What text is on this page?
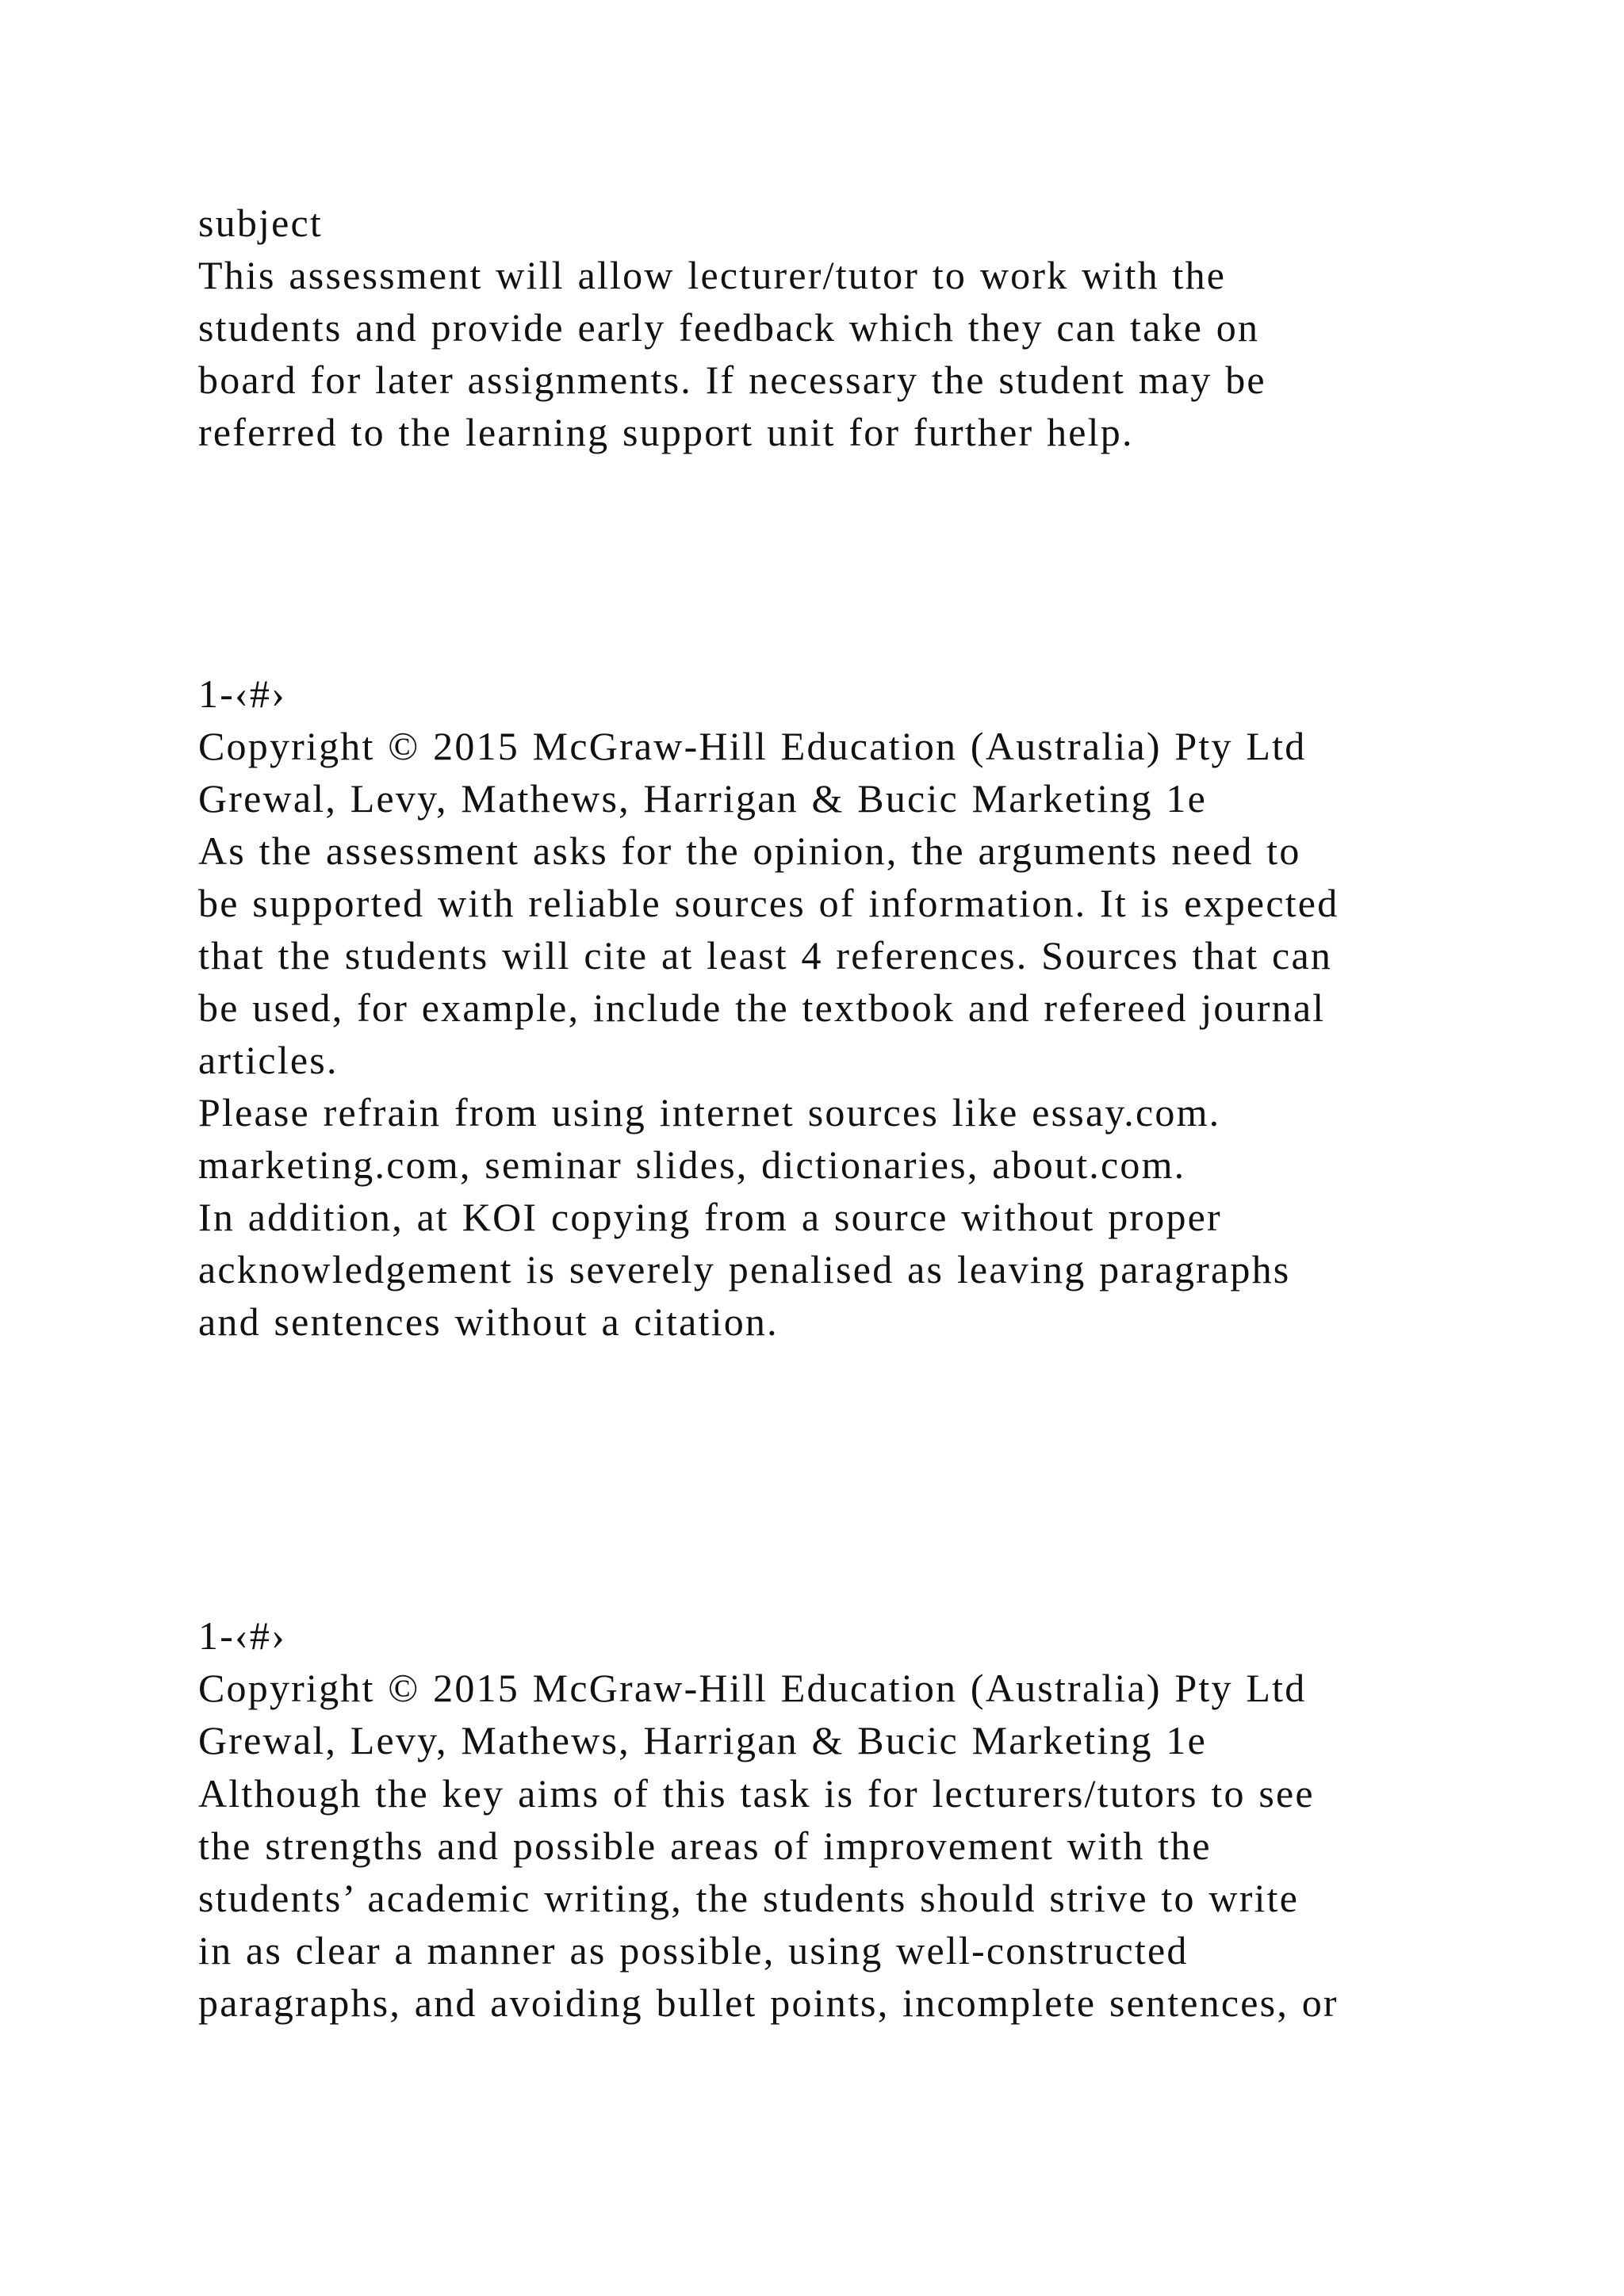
subject
This assessment will allow lecturer/tutor to work with the
students and provide early feedback which they can take on
board for later assignments. If necessary the student may be
referred to the learning support unit for further help.
1-‹#›
Copyright © 2015 McGraw-Hill Education (Australia) Pty Ltd
Grewal, Levy, Mathews, Harrigan & Bucic Marketing 1e
As the assessment asks for the opinion, the arguments need to
be supported with reliable sources of information. It is expected
that the students will cite at least 4 references. Sources that can
be used, for example, include the textbook and refereed journal
articles.
Please refrain from using internet sources like essay.com.
marketing.com, seminar slides, dictionaries, about.com.
In addition, at KOI copying from a source without proper
acknowledgement is severely penalised as leaving paragraphs
and sentences without a citation.
1-‹#›
Copyright © 2015 McGraw-Hill Education (Australia) Pty Ltd
Grewal, Levy, Mathews, Harrigan & Bucic Marketing 1e
Although the key aims of this task is for lecturers/tutors to see
the strengths and possible areas of improvement with the
students’ academic writing, the students should strive to write
in as clear a manner as possible, using well-constructed
paragraphs, and avoiding bullet points, incomplete sentences, or
